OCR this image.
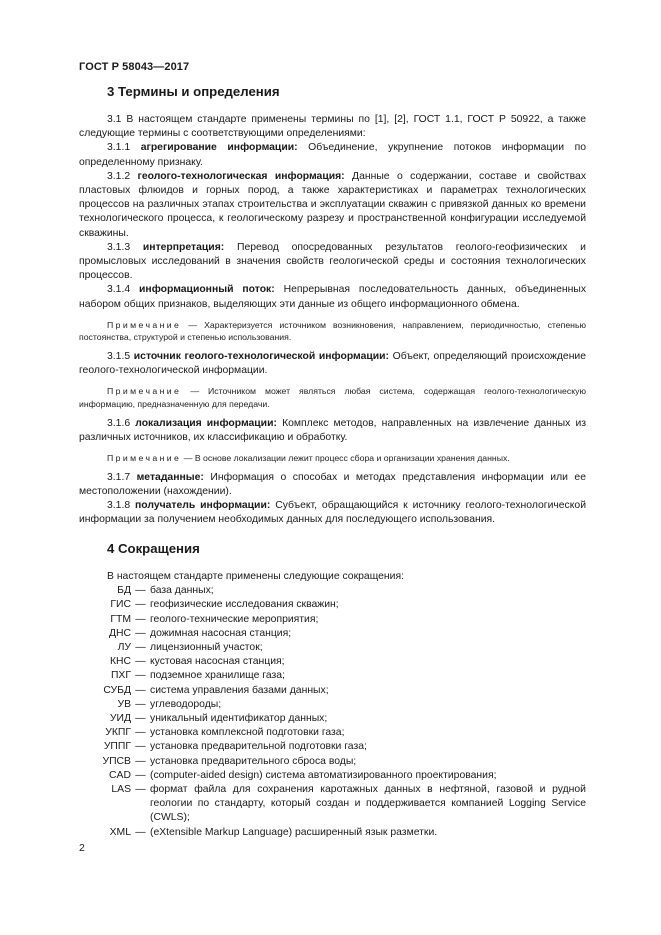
ГОСТ Р 58043—2017
3 Термины и определения

3.1 В настоящем стандарте применены термины по [1], [2], ГОСТ 1.1, ГОСТ Р 50922, а также следующие термины с соответствующими определениями:

3.1.1 агрегирование информации: Объединение, укрупнение потоков информации по определенному признаку.

3.1.2 геолого-технологическая информация: Данные о содержании, составе и свойствах пластовых флюидов и горных пород, а также характеристиках и параметрах технологических процессов на различных этапах строительства и эксплуатации скважин с привязкой данных ко времени технологического процесса, к геологическому разрезу и пространственной конфигурации исследуемой скважины.

3.1.3 интерпретация: Перевод опосредованных результатов геолого-геофизических и промысловых исследований в значения свойств геологической среды и состояния технологических процессов.

3.1.4 информационный поток: Непрерывная последовательность данных, объединенных набором общих признаков, выделяющих эти данные из общего информационного обмена.

Примечание — Характеризуется источником возникновения, направлением, периодичностью, степенью постоянства, структурой и степенью использования.

3.1.5 источник геолого-технологической информации: Объект, определяющий происхождение геолого-технологической информации.

Примечание — Источником может являться любая система, содержащая геолого-технологическую информацию, предназначенную для передачи.

3.1.6 локализация информации: Комплекс методов, направленных на извлечение данных из различных источников, их классификацию и обработку.

Примечание — В основе локализации лежит процесс сбора и организации хранения данных.

3.1.7 метаданные: Информация о способах и методах представления информации или ее местоположении (нахождении).

3.1.8 получатель информации: Субъект, обращающийся к источнику геолого-технологической информации за получением необходимых данных для последующего использования.

4 Сокращения

В настоящем стандарте применены следующие сокращения:

БД — база данных;
ГИС — геофизические исследования скважин;
ГТМ — геолого-технические мероприятия;
ДНС — дожимная насосная станция;
ЛУ — лицензионный участок;
КНС — кустовая насосная станция;
ПХГ — подземное хранилище газа;
СУБД — система управления базами данных;
УВ — углеводороды;
УИД — уникальный идентификатор данных;
УКПГ — установка комплексной подготовки газа;
УППГ — установка предварительной подготовки газа;
УПСВ — установка предварительного сброса воды;
CAD — (computer-aided design) система автоматизированного проектирования;
LAS — формат файла для сохранения каротажных данных в нефтяной, газовой и рудной геологии по стандарту, который создан и поддерживается компанией Logging Service (CWLS);
XML — (eXtensible Markup Language) расширенный язык разметки.
2
